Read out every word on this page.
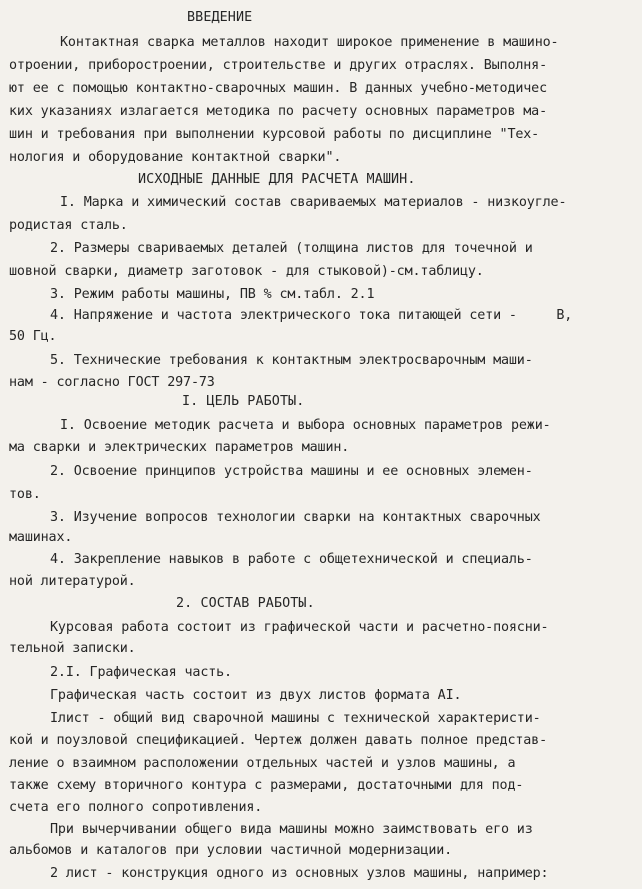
ВВЕДЕНИЕ
Контактная сварка металлов находит широкое применение в машино-
отроении, приборостроении, строительстве и других отраслях. Выполня-
ют ее с помощью контактно-сварочных машин. В данных учебно-методичес
ких указаниях излагается методика по расчету основных параметров ма-
шин и требования при выполнении курсовой работы по дисциплине "Тех-
нология и оборудование контактной сварки".
ИСХОДНЫЕ ДАННЫЕ ДЛЯ РАСЧЕТА МАШИН.
I. Марка и химический состав свариваемых материалов - низкоугле-
родистая сталь.
2. Размеры свариваемых деталей (толщина листов для точечной и
шовной сварки, диаметр заготовок - для стыковой)-см.таблицу.
3. Режим работы машины, ПВ % см.табл. 2.1
4. Напряжение и частота электрического тока питающей сети -     В,
50 Гц.
5. Технические требования к контактным электросварочным маши-
нам - согласно ГОСТ 297-73
I. ЦЕЛЬ РАБОТЫ.
I. Освоение методик расчета и выбора основных параметров режи-
ма сварки и электрических параметров машин.
2. Освоение принципов устройства машины и ее основных элемен-
тов.
3. Изучение вопросов технологии сварки на контактных сварочных
машинах.
4. Закрепление навыков в работе с общетехнической и специаль-
ной литературой.
2. СОСТАВ РАБОТЫ.
Курсовая работа состоит из графической части и расчетно-поясни-
тельной записки.
2.I. Графическая часть.
Графическая часть состоит из двух листов формата АI.
Iлист - общий вид сварочной машины с технической характеристи-
кой и поузловой спецификацией. Чертеж должен давать полное представ-
ление о взаимном расположении отдельных частей и узлов машины, а
также схему вторичного контура с размерами, достаточными для под-
счета его полного сопротивления.
При вычерчивании общего вида машины можно заимствовать его из
альбомов и каталогов при условии частичной модернизации.
2 лист - конструкция одного из основных узлов машины, например:
